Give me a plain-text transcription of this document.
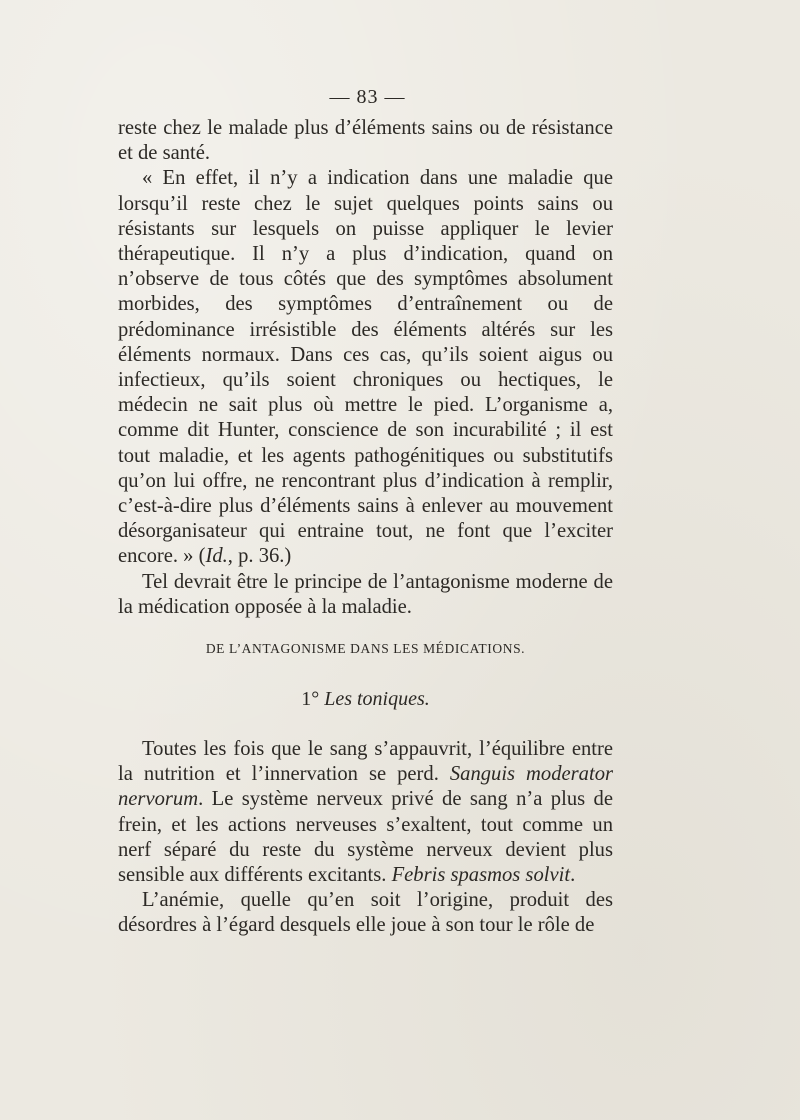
— 83 —

reste chez le malade plus d’éléments sains ou de résistance et de santé.

« En effet, il n’y a indication dans une maladie que lorsqu’il reste chez le sujet quelques points sains ou résistants sur lesquels on puisse appliquer le levier thérapeutique. Il n’y a plus d’indication, quand on n’observe de tous côtés que des symptômes absolument morbides, des symptômes d’entraînement ou de prédominance irrésistible des éléments altérés sur les éléments normaux. Dans ces cas, qu’ils soient aigus ou infectieux, qu’ils soient chroniques ou hectiques, le médecin ne sait plus où mettre le pied. L’organisme a, comme dit Hunter, conscience de son incurabilité ; il est tout maladie, et les agents pathogénitiques ou substitutifs qu’on lui offre, ne rencontrant plus d’indication à remplir, c’est-à-dire plus d’éléments sains à enlever au mouvement désorganisateur qui entraine tout, ne font que l’exciter encore. » (Id., p. 36.)

Tel devrait être le principe de l’antagonisme moderne de la médication opposée à la maladie.

DE L’ANTAGONISME DANS LES MÉDICATIONS.
1° Les toniques.

Toutes les fois que le sang s’appauvrit, l’équilibre entre la nutrition et l’innervation se perd. Sanguis moderator nervorum. Le système nerveux privé de sang n’a plus de frein, et les actions nerveuses s’exaltent, tout comme un nerf séparé du reste du système nerveux devient plus sensible aux différents excitants. Febris spasmos solvit.

L’anémie, quelle qu’en soit l’origine, produit des désordres à l’égard desquels elle joue à son tour le rôle de
